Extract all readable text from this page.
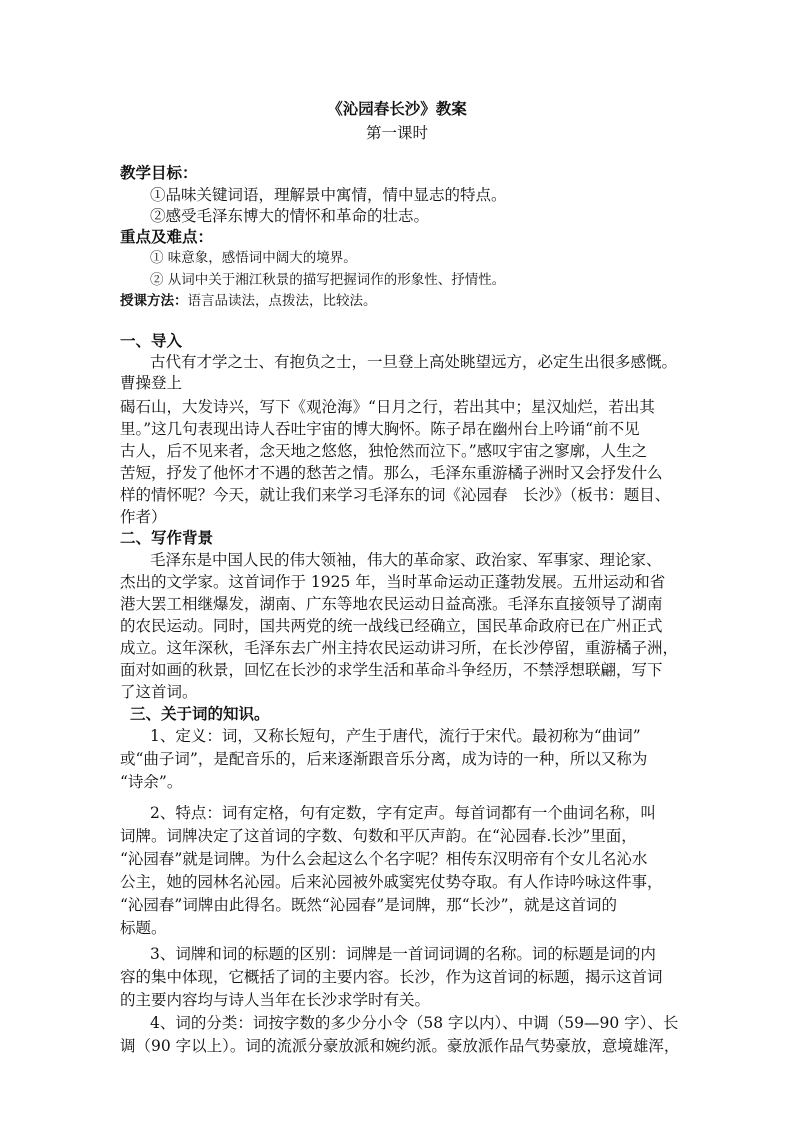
《沁园春长沙》教案
第一课时
教学目标：
①品味关键词语，理解景中寓情，情中显志的特点。
②感受毛泽东博大的情怀和革命的壮志。
重点及难点：
① 味意象，感悟词中阔大的境界。
② 从词中关于湘江秋景的描写把握词作的形象性、抒情性。
授课方法：语言品读法，点拨法，比较法。
一、导入
古代有才学之士、有抱负之士，一旦登上高处眺望远方，必定生出很多感慨。
曹操登上
碣石山，大发诗兴，写下《观沧海》“日月之行，若出其中；星汉灿烂，若出其
里。”这几句表现出诗人吞吐宇宙的博大胸怀。陈子昂在幽州台上吟诵“前不见
古人，后不见来者，念天地之悠悠，独怆然而泣下。”感叹宇宙之寥廓，人生之
苦短，抒发了他怀才不遇的愁苦之情。那么，毛泽东重游橘子洲时又会抒发什么
样的情怀呢？今天，就让我们来学习毛泽东的词《沁园春　长沙》（板书：题目、
作者）
二、写作背景
毛泽东是中国人民的伟大领袖，伟大的革命家、政治家、军事家、理论家、
杰出的文学家。这首词作于 1925 年，当时革命运动正蓬勃发展。五卅运动和省
港大罢工相继爆发，湖南、广东等地农民运动日益高涨。毛泽东直接领导了湖南
的农民运动。同时，国共两党的统一战线已经确立，国民革命政府已在广州正式
成立。这年深秋，毛泽东去广州主持农民运动讲习所，在长沙停留，重游橘子洲，
面对如画的秋景，回忆在长沙的求学生活和革命斗争经历，不禁浮想联翩，写下
了这首词。
三、关于词的知识。
1、定义：词，又称长短句，产生于唐代，流行于宋代。最初称为“曲词”
或“曲子词”，是配音乐的，后来逐渐跟音乐分离，成为诗的一种，所以又称为
“诗余”。
2、特点：词有定格，句有定数，字有定声。每首词都有一个曲词名称，叫
词牌。词牌决定了这首词的字数、句数和平仄声韵。在“沁园春.长沙”里面，
“沁园春”就是词牌。为什么会起这么个名字呢？相传东汉明帝有个女儿名沁水
公主，她的园林名沁园。后来沁园被外戚窦宪仗势夺取。有人作诗吟咏这件事，
“沁园春”词牌由此得名。既然“沁园春”是词牌，那“长沙”，就是这首词的
标题。
3、词牌和词的标题的区别：词牌是一首词词调的名称。词的标题是词的内
容的集中体现，它概括了词的主要内容。长沙，作为这首词的标题，揭示这首词
的主要内容均与诗人当年在长沙求学时有关。
4、词的分类：词按字数的多少分小令（58 字以内）、中调（59—90 字）、长
调（90 字以上）。词的流派分豪放派和婉约派。豪放派作品气势豪放，意境雄浑，
